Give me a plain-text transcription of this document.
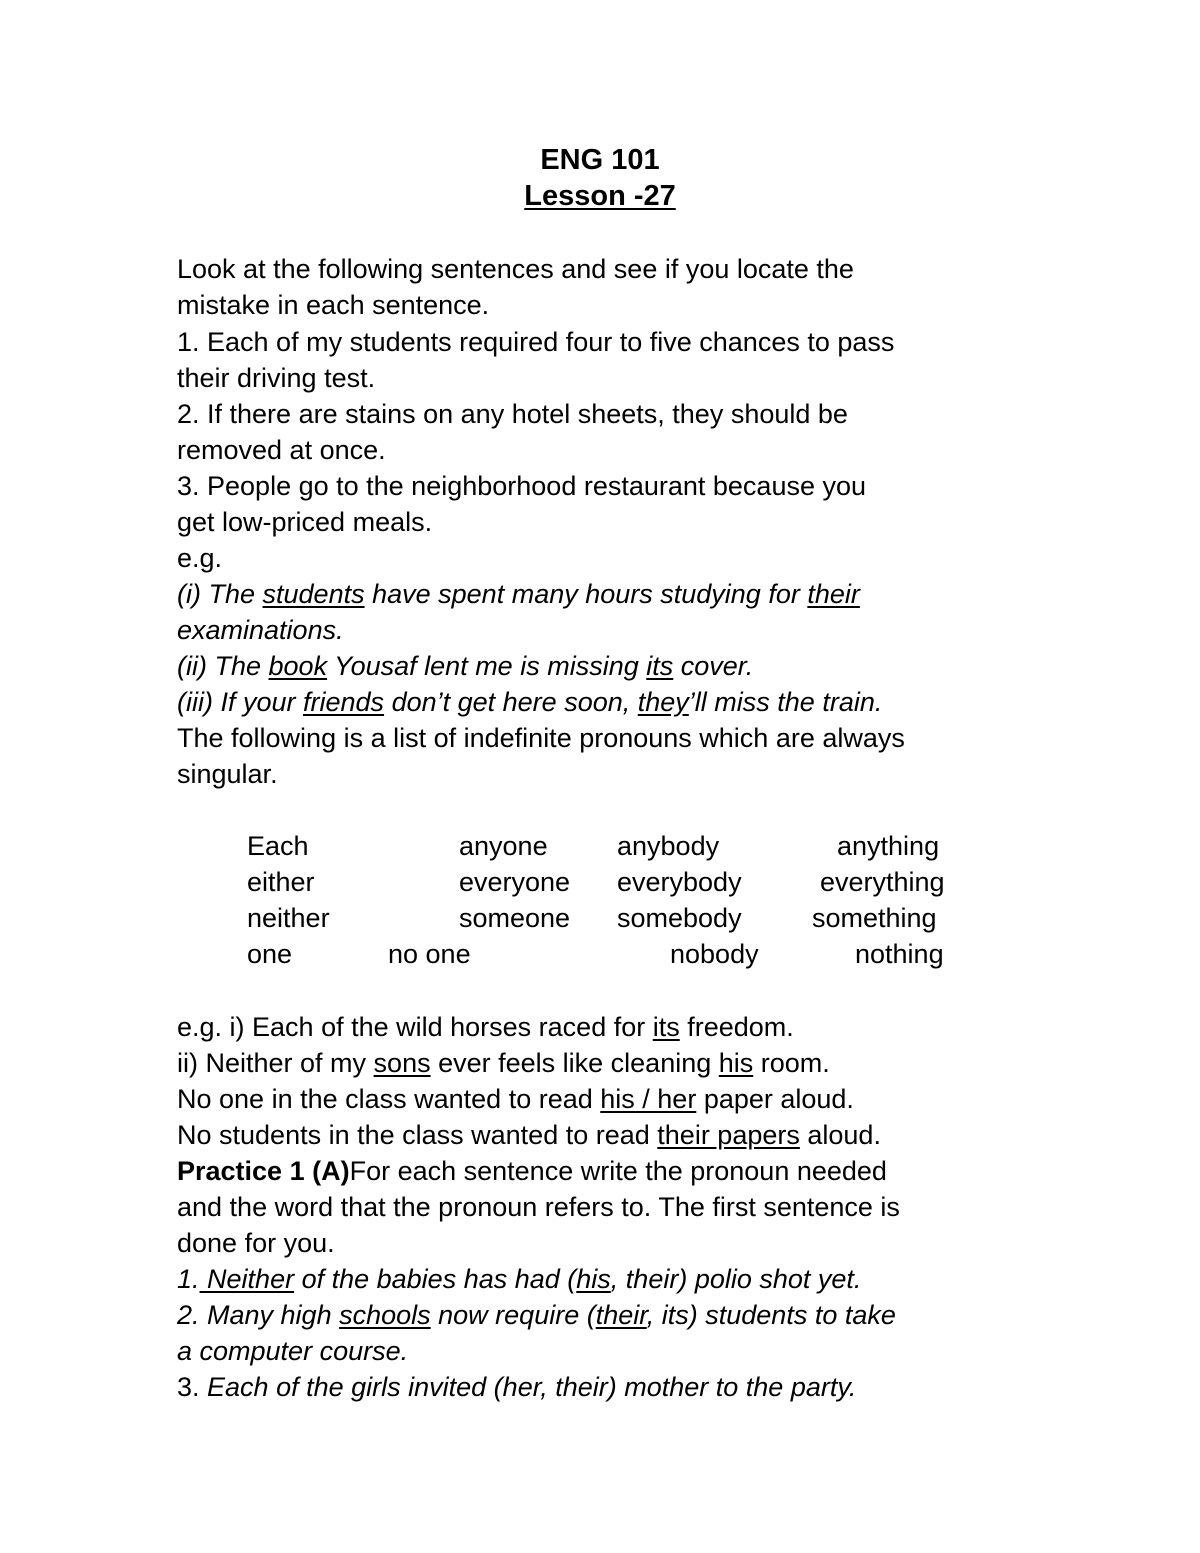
ENG 101
Lesson -27
Look at the following sentences and see if you locate the
mistake in each sentence.
1. Each of my students required four to five chances to pass
their driving test.
2. If there are stains on any hotel sheets, they should be
removed at once.
3. People go to the neighborhood restaurant because you
get low-priced meals.
e.g.
(i) The students have spent many hours studying for their
examinations.
(ii) The book Yousaf lent me is missing its cover.
(iii) If your friends don’t get here soon, they’ll miss the train.
The following is a list of indefinite pronouns which are always
singular.
Each	anyone	anybody	anything
either	everyone everybody	everything
neither	someone somebody	something
one	no one	nobody	nothing
e.g. i) Each of the wild horses raced for its freedom.
ii) Neither of my sons ever feels like cleaning his room.
No one in the class wanted to read his / her paper aloud.
No students in the class wanted to read their papers aloud.
Practice 1 (A)For each sentence write the pronoun needed
and the word that the pronoun refers to. The first sentence is
done for you.
1. Neither of the babies has had (his, their) polio shot yet.
2. Many high schools now require (their, its) students to take
a computer course.
3. Each of the girls invited (her, their) mother to the party.
